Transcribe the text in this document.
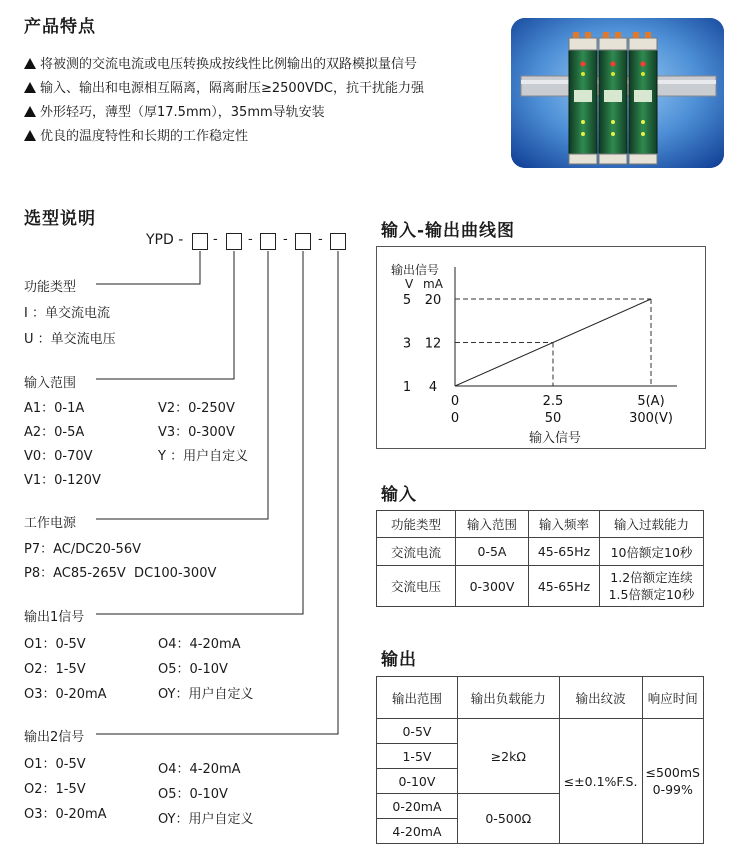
产品特点
将被测的交流电流或电压转换成按线性比例输出的双路模拟量信号
输入、输出和电源相互隔离，隔离耐压≥2500VDC，抗干扰能力强
外形轻巧，薄型（厚17.5mm），35mm导轨安装
优良的温度特性和长期的工作稳定性
选型说明
YPD - - - - -
功能类型
I ：单交流电流
U ：单交流电压
输入范围
A1：0-1A
A2：0-5A
V0：0-70V
V1：0-120V
V2：0-250V
V3：0-300V
Y ：用户自定义
工作电源
P7：AC/DC20-56V
P8：AC85-265V  DC100-300V
输出1信号
O1：0-5V
O2：1-5V
O3：0-20mA
O4：4-20mA
O5：0-10V
OY：用户自定义
输出2信号
O1：0-5V
O2：1-5V
O3：0-20mA
O4：4-20mA
O5：0-10V
OY：用户自定义
输入-输出曲线图
1 4
3 12
5 20
0
0
2.5
50
5(A)
300(V)
输出信号
V mA
输入信号
输入
功能类型	输入范围	输入频率	输入过载能力
交流电流	0-5A	45-65Hz	10倍额定10秒
交流电压	0-300V	45-65Hz	1.2倍额定连续
1.5倍额定10秒
输出
输出范围	输出负载能力	输出纹波	响应时间
0-5V	≥2kΩ	≤±0.1%F.S.	≤500mS
0-99%

1-5V			
0-10V			
0-20mA	0-500Ω		
4-20mA			
